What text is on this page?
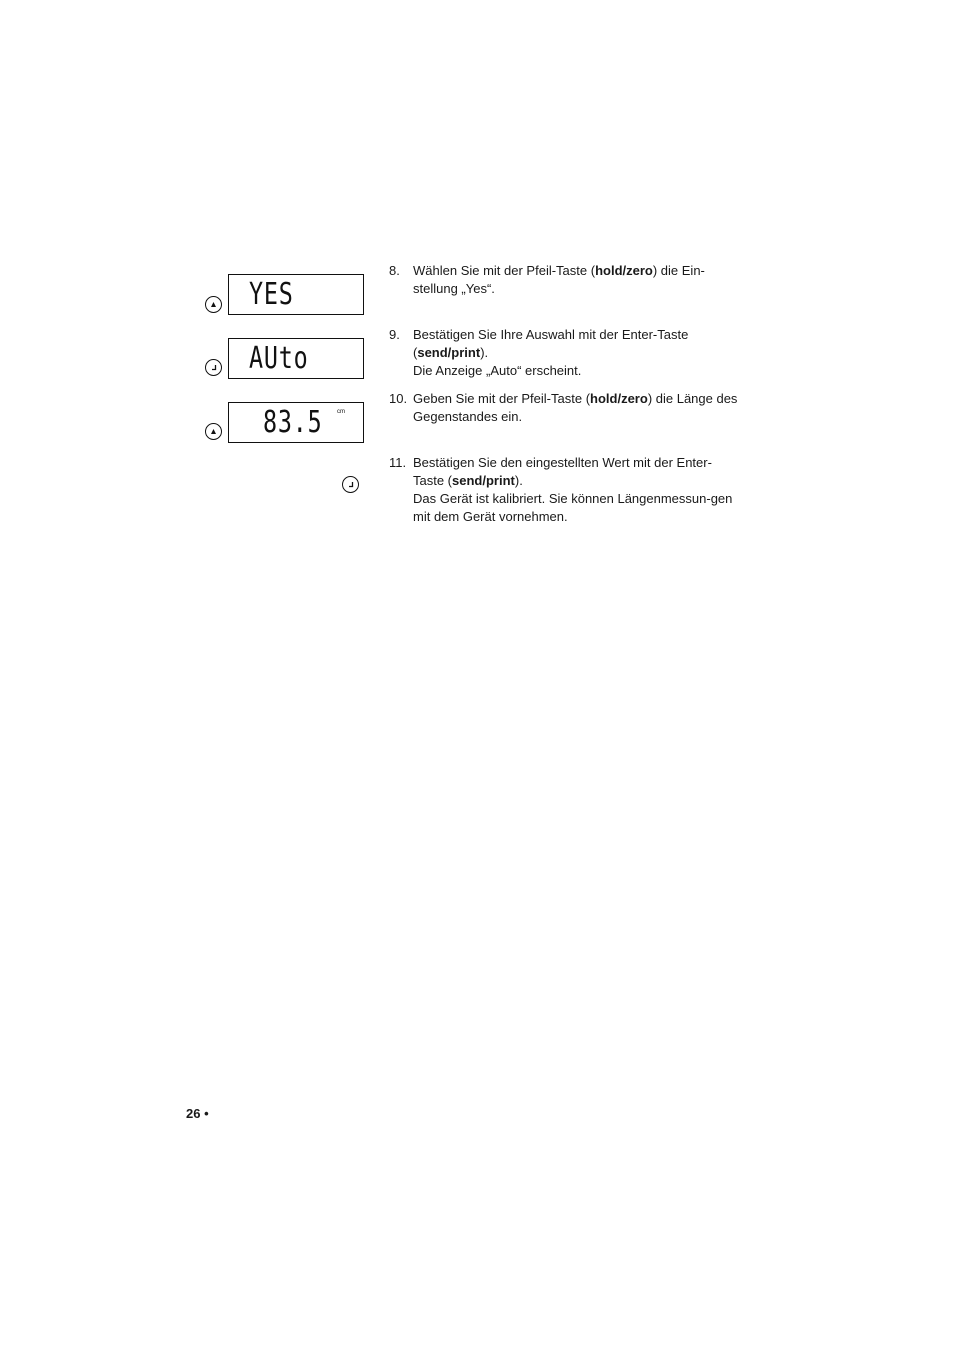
YES
AUto
83.5 cm
8. Wählen Sie mit der Pfeil-Taste (hold/zero) die Ein-stellung „Yes“.

9. Bestätigen Sie Ihre Auswahl mit der Enter-Taste (send/print).

Die Anzeige „Auto“ erscheint.

10. Geben Sie mit der Pfeil-Taste (hold/zero) die Länge des Gegenstandes ein.

11. Bestätigen Sie den eingestellten Wert mit der Enter-Taste (send/print).

Das Gerät ist kalibriert. Sie können Längenmessun-gen mit dem Gerät vornehmen.

26 •
